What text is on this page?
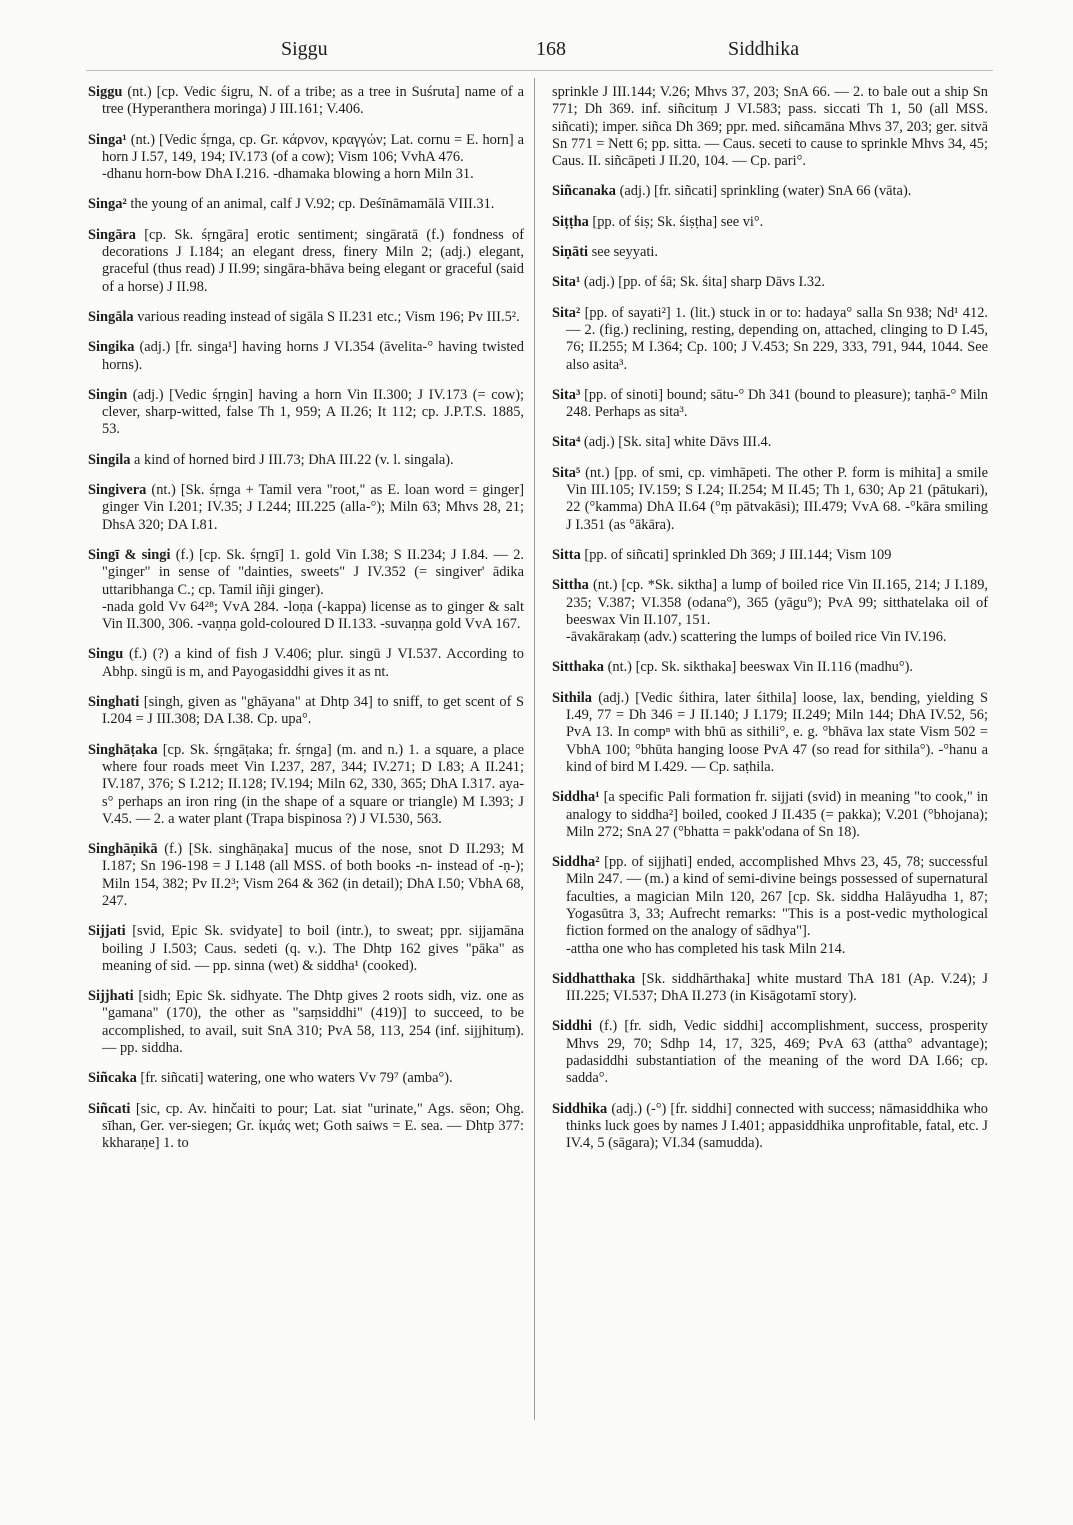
Siggu	168	Siddhika
Siggu (nt.) [cp. Vedic śigru, N. of a tribe; as a tree in Suśruta] name of a tree (Hyperanthera moringa) J III.161; V.406.
Singa¹ (nt.) [Vedic śṛnga, cp. Gr. κάρνον, κραγγών; Lat. cornu = E. horn] a horn J I.57, 149, 194; IV.173 (of a cow); Vism 106; VvhA 476.
-dhanu horn-bow DhA I.216. -dhamaka blowing a horn Miln 31.
Singa² the young of an animal, calf J V.92; cp. Deśīnāmamālā VIII.31.
Singāra [cp. Sk. śṛngāra] erotic sentiment; singāratā (f.) fondness of decorations J I.184; an elegant dress, finery Miln 2; (adj.) elegant, graceful (thus read) J II.99; singāra-bhāva being elegant or graceful (said of a horse) J II.98.
Singāla various reading instead of sigāla S II.231 etc.; Vism 196; Pv III.5².
Singika (adj.) [fr. singa¹] having horns J VI.354 (āvelita-° having twisted horns).
Singin (adj.) [Vedic śṛṇgin] having a horn Vin II.300; J IV.173 (= cow); clever, sharp-witted, false Th 1, 959; A II.26; It 112; cp. J.P.T.S. 1885, 53.
Singila a kind of horned bird J III.73; DhA III.22 (v. l. singala).
Singivera (nt.) [Sk. śṛnga + Tamil vera "root," as E. loan word = ginger] ginger Vin I.201; IV.35; J I.244; III.225 (alla-°); Miln 63; Mhvs 28, 21; DhsA 320; DA I.81.
Singī & singi (f.) [cp. Sk. śṛngī] 1. gold Vin I.38; S II.234; J I.84. — 2. "ginger" in sense of "dainties, sweets" J IV.352 (= singiver' ādika uttaribhanga C.; cp. Tamil iñji ginger).
-nada gold Vv 64²⁸; VvA 284. -loṇa (-kappa) license as to ginger & salt Vin II.300, 306. -vaṇṇa gold-coloured D II.133. -suvaṇṇa gold VvA 167.
Singu (f.) (?) a kind of fish J V.406; plur. singū J VI.537. According to Abhp. singū is m, and Payogasiddhi gives it as nt.
Singhati [singh, given as "ghāyana" at Dhtp 34] to sniff, to get scent of S I.204 = J III.308; DA I.38. Cp. upa°.
Singhāṭaka [cp. Sk. śṛngāṭaka; fr. śṛnga] (m. and n.) 1. a square, a place where four roads meet Vin I.237, 287, 344; IV.271; D I.83; A II.241; IV.187, 376; S I.212; II.128; IV.194; Miln 62, 330, 365; DhA I.317. aya-s° perhaps an iron ring (in the shape of a square or triangle) M I.393; J V.45. — 2. a water plant (Trapa bispinosa ?) J VI.530, 563.
Singhāṇikā (f.) [Sk. singhāṇaka] mucus of the nose, snot D II.293; M I.187; Sn 196-198 = J I.148 (all MSS. of both books -n- instead of -ṇ-); Miln 154, 382; Pv II.2³; Vism 264 & 362 (in detail); DhA I.50; VbhA 68, 247.
Sijjati [svid, Epic Sk. svidyate] to boil (intr.), to sweat; ppr. sijjamāna boiling J I.503; Caus. sedeti (q. v.). The Dhtp 162 gives "pāka" as meaning of sid. — pp. sinna (wet) & siddha¹ (cooked).
Sijjhati [sidh; Epic Sk. sidhyate. The Dhtp gives 2 roots sidh, viz. one as "gamana" (170), the other as "saṃsiddhi" (419)] to succeed, to be accomplished, to avail, suit SnA 310; PvA 58, 113, 254 (inf. sijjhituṃ). — pp. siddha.
Siñcaka [fr. siñcati] watering, one who waters Vv 79⁷ (amba°).
Siñcati [sic, cp. Av. hinčaiti to pour; Lat. siat "urinate," Ags. sēon; Ohg. sīhan, Ger. ver-siegen; Gr. ἰκμάς wet; Goth saiws = E. sea. — Dhtp 377: kkharaṇe] 1. to
sprinkle J III.144; V.26; Mhvs 37, 203; SnA 66. — 2. to bale out a ship Sn 771; Dh 369. inf. siñcituṃ J VI.583; pass. siccati Th 1, 50 (all MSS. siñcati); imper. siñca Dh 369; ppr. med. siñcamāna Mhvs 37, 203; ger. sitvā Sn 771 = Nett 6; pp. sitta. — Caus. seceti to cause to sprinkle Mhvs 34, 45; Caus. II. siñcāpeti J II.20, 104. — Cp. pari°.
Siñcanaka (adj.) [fr. siñcati] sprinkling (water) SnA 66 (vāta).
Siṭṭha [pp. of śiṣ; Sk. śiṣṭha] see vi°.
Siṇāti see seyyati.
Sita¹ (adj.) [pp. of śā; Sk. śita] sharp Dāvs I.32.
Sita² [pp. of sayati²] 1. (lit.) stuck in or to: hadaya° salla Sn 938; Nd¹ 412. — 2. (fig.) reclining, resting, depending on, attached, clinging to D I.45, 76; II.255; M I.364; Cp. 100; J V.453; Sn 229, 333, 791, 944, 1044. See also asita³.
Sita³ [pp. of sinoti] bound; sātu-° Dh 341 (bound to pleasure); taṇhā-° Miln 248. Perhaps as sita³.
Sita⁴ (adj.) [Sk. sita] white Dāvs III.4.
Sita⁵ (nt.) [pp. of smi, cp. vimhāpeti. The other P. form is mihita] a smile Vin III.105; IV.159; S I.24; II.254; M II.45; Th 1, 630; Ap 21 (pātukari), 22 (°kamma) DhA II.64 (°ṃ pātvakāsi); III.479; VvA 68. -°kāra smiling J I.351 (as °ākāra).
Sitta [pp. of siñcati] sprinkled Dh 369; J III.144; Vism 109
Sittha (nt.) [cp. *Sk. siktha] a lump of boiled rice Vin II.165, 214; J I.189, 235; V.387; VI.358 (odana°), 365 (yāgu°); PvA 99; sitthatelaka oil of beeswax Vin II.107, 151.
-āvakārakaṃ (adv.) scattering the lumps of boiled rice Vin IV.196.
Sitthaka (nt.) [cp. Sk. sikthaka] beeswax Vin II.116 (madhu°).
Sithila (adj.) [Vedic śithira, later śithila] loose, lax, bending, yielding S I.49, 77 = Dh 346 = J II.140; J I.179; II.249; Miln 144; DhA IV.52, 56; PvA 13. In compⁿ with bhū as sithili°, e. g. °bhāva lax state Vism 502 = VbhA 100; °bhūta hanging loose PvA 47 (so read for sithila°). -°hanu a kind of bird M I.429. — Cp. saṭhila.
Siddha¹ [a specific Pali formation fr. sijjati (svid) in meaning "to cook," in analogy to siddha²] boiled, cooked J II.435 (= pakka); V.201 (°bhojana); Miln 272; SnA 27 (°bhatta = pakk'odana of Sn 18).
Siddha² [pp. of sijjhati] ended, accomplished Mhvs 23, 45, 78; successful Miln 247. — (m.) a kind of semi-divine beings possessed of supernatural faculties, a magician Miln 120, 267 [cp. Sk. siddha Halāyudha 1, 87; Yogasūtra 3, 33; Aufrecht remarks: "This is a post-vedic mythological fiction formed on the analogy of sādhya"].
-attha one who has completed his task Miln 214.
Siddhatthaka [Sk. siddhārthaka] white mustard ThA 181 (Ap. V.24); J III.225; VI.537; DhA II.273 (in Kisāgotamī story).
Siddhi (f.) [fr. sidh, Vedic siddhi] accomplishment, success, prosperity Mhvs 29, 70; Sdhp 14, 17, 325, 469; PvA 63 (attha° advantage); padasiddhi substantiation of the meaning of the word DA I.66; cp. sadda°.
Siddhika (adj.) (-°) [fr. siddhi] connected with success; nāmasiddhika who thinks luck goes by names J I.401; appasiddhika unprofitable, fatal, etc. J IV.4, 5 (sāgara); VI.34 (samudda).
